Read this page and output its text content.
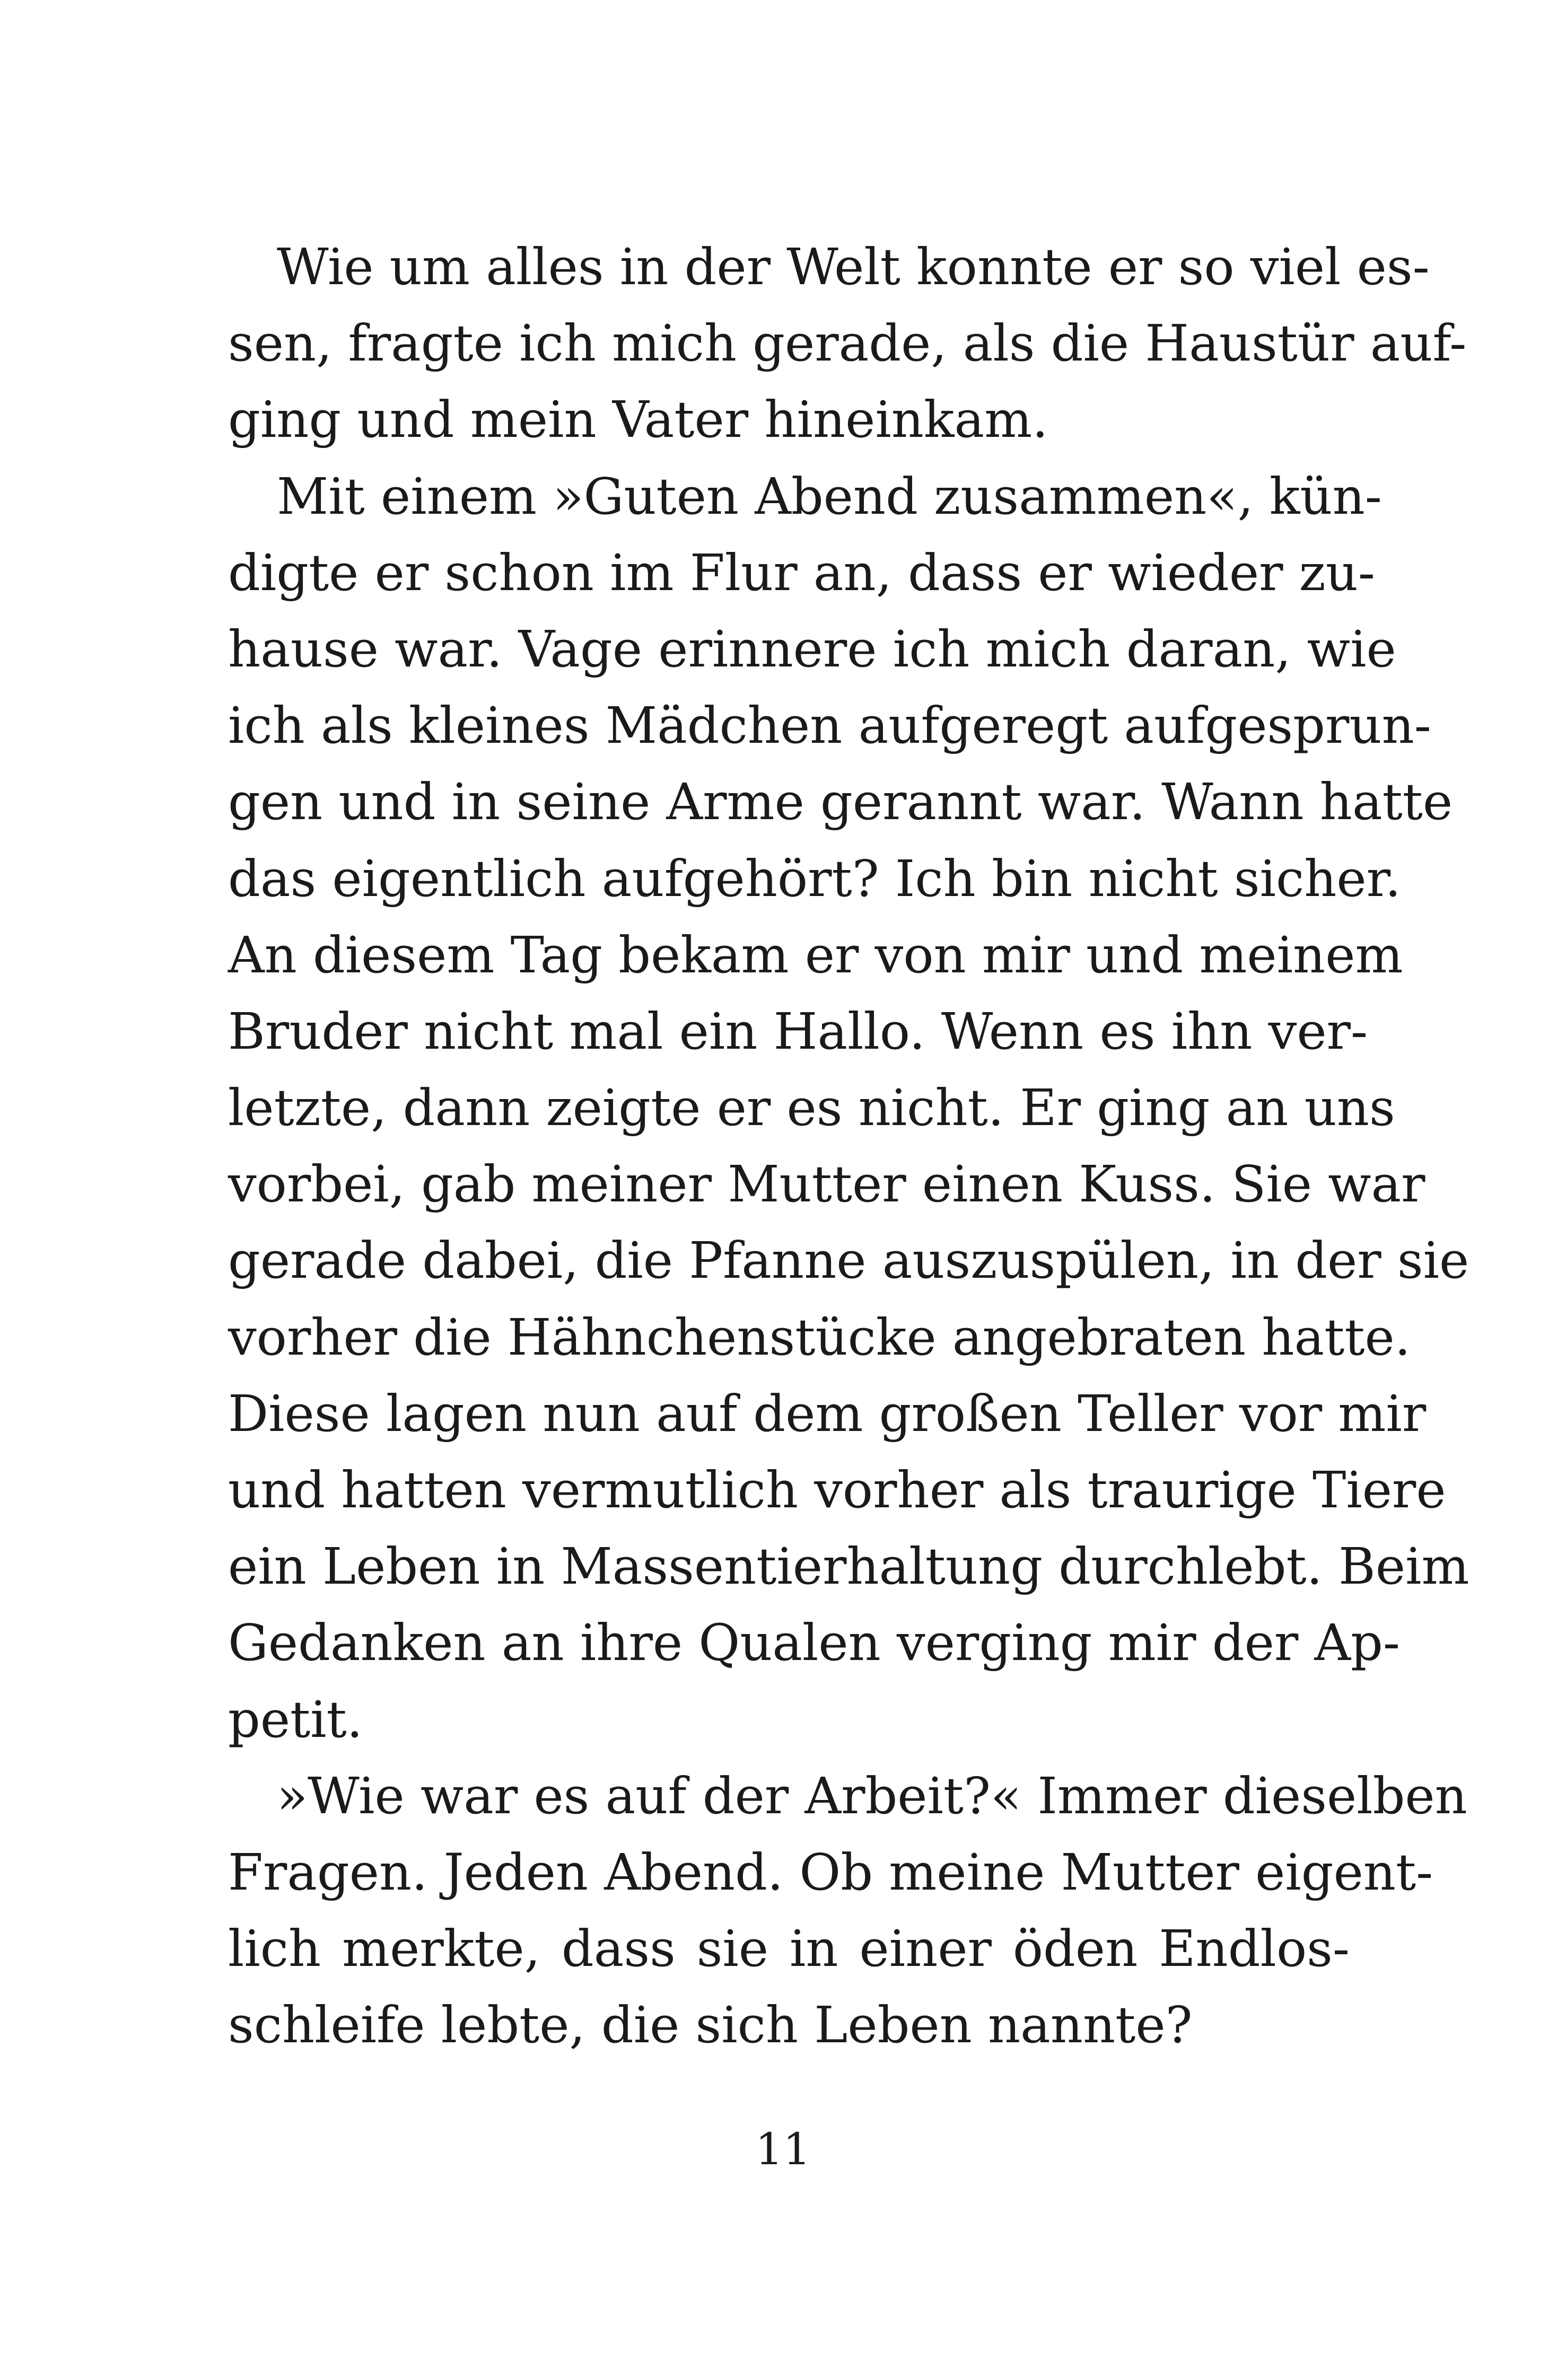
Wie um alles in der Welt konnte er so viel es-
sen, fragte ich mich gerade, als die Haustür auf-
ging und mein Vater hineinkam.
Mit einem »Guten Abend zusammen«, kün-
digte er schon im Flur an, dass er wieder zu-
hause war. Vage erinnere ich mich daran, wie
ich als kleines Mädchen aufgeregt aufgesprun-
gen und in seine Arme gerannt war. Wann hatte
das eigentlich aufgehört? Ich bin nicht sicher.
An diesem Tag bekam er von mir und meinem
Bruder nicht mal ein Hallo. Wenn es ihn ver-
letzte, dann zeigte er es nicht. Er ging an uns
vorbei, gab meiner Mutter einen Kuss. Sie war
gerade dabei, die Pfanne auszuspülen, in der sie
vorher die Hähnchenstücke angebraten hatte.
Diese lagen nun auf dem großen Teller vor mir
und hatten vermutlich vorher als traurige Tiere
ein Leben in Massentierhaltung durchlebt. Beim
Gedanken an ihre Qualen verging mir der Ap-
petit.
»Wie war es auf der Arbeit?« Immer dieselben
Fragen. Jeden Abend. Ob meine Mutter eigent-
lich merkte, dass sie in einer öden Endlos-
schleife lebte, die sich Leben nannte?
11
